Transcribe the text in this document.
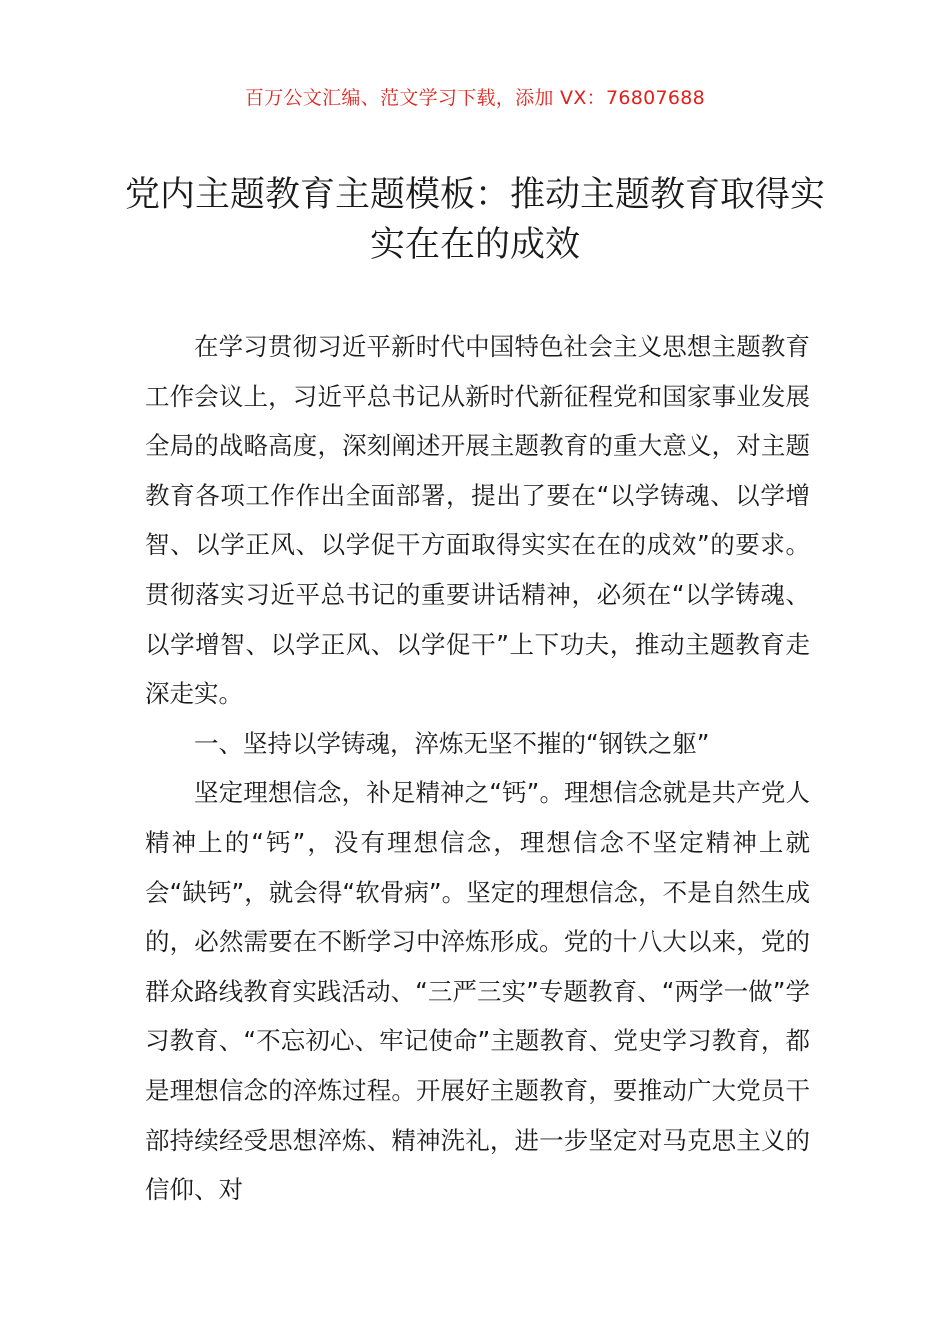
百万公文汇编、范文学习下载，添加 VX：76807688
党内主题教育主题模板：推动主题教育取得实实在在的成效

在学习贯彻习近平新时代中国特色社会主义思想主题教育工作会议上，习近平总书记从新时代新征程党和国家事业发展全局的战略高度，深刻阐述开展主题教育的重大意义，对主题教育各项工作作出全面部署，提出了要在“以学铸魂、以学增智、以学正风、以学促干方面取得实实在在的成效”的要求。贯彻落实习近平总书记的重要讲话精神，必须在“以学铸魂、以学增智、以学正风、以学促干”上下功夫，推动主题教育走深走实。

一、坚持以学铸魂，淬炼无坚不摧的“钢铁之躯”

坚定理想信念，补足精神之“钙”。理想信念就是共产党人精神上的“钙”，没有理想信念，理想信念不坚定精神上就会“缺钙”，就会得“软骨病”。坚定的理想信念，不是自然生成的，必然需要在不断学习中淬炼形成。党的十八大以来，党的群众路线教育实践活动、“三严三实”专题教育、“两学一做”学习教育、“不忘初心、牢记使命”主题教育、党史学习教育，都是理想信念的淬炼过程。开展好主题教育，要推动广大党员干部持续经受思想淬炼、精神洗礼，进一步坚定对马克思主义的信仰、对
